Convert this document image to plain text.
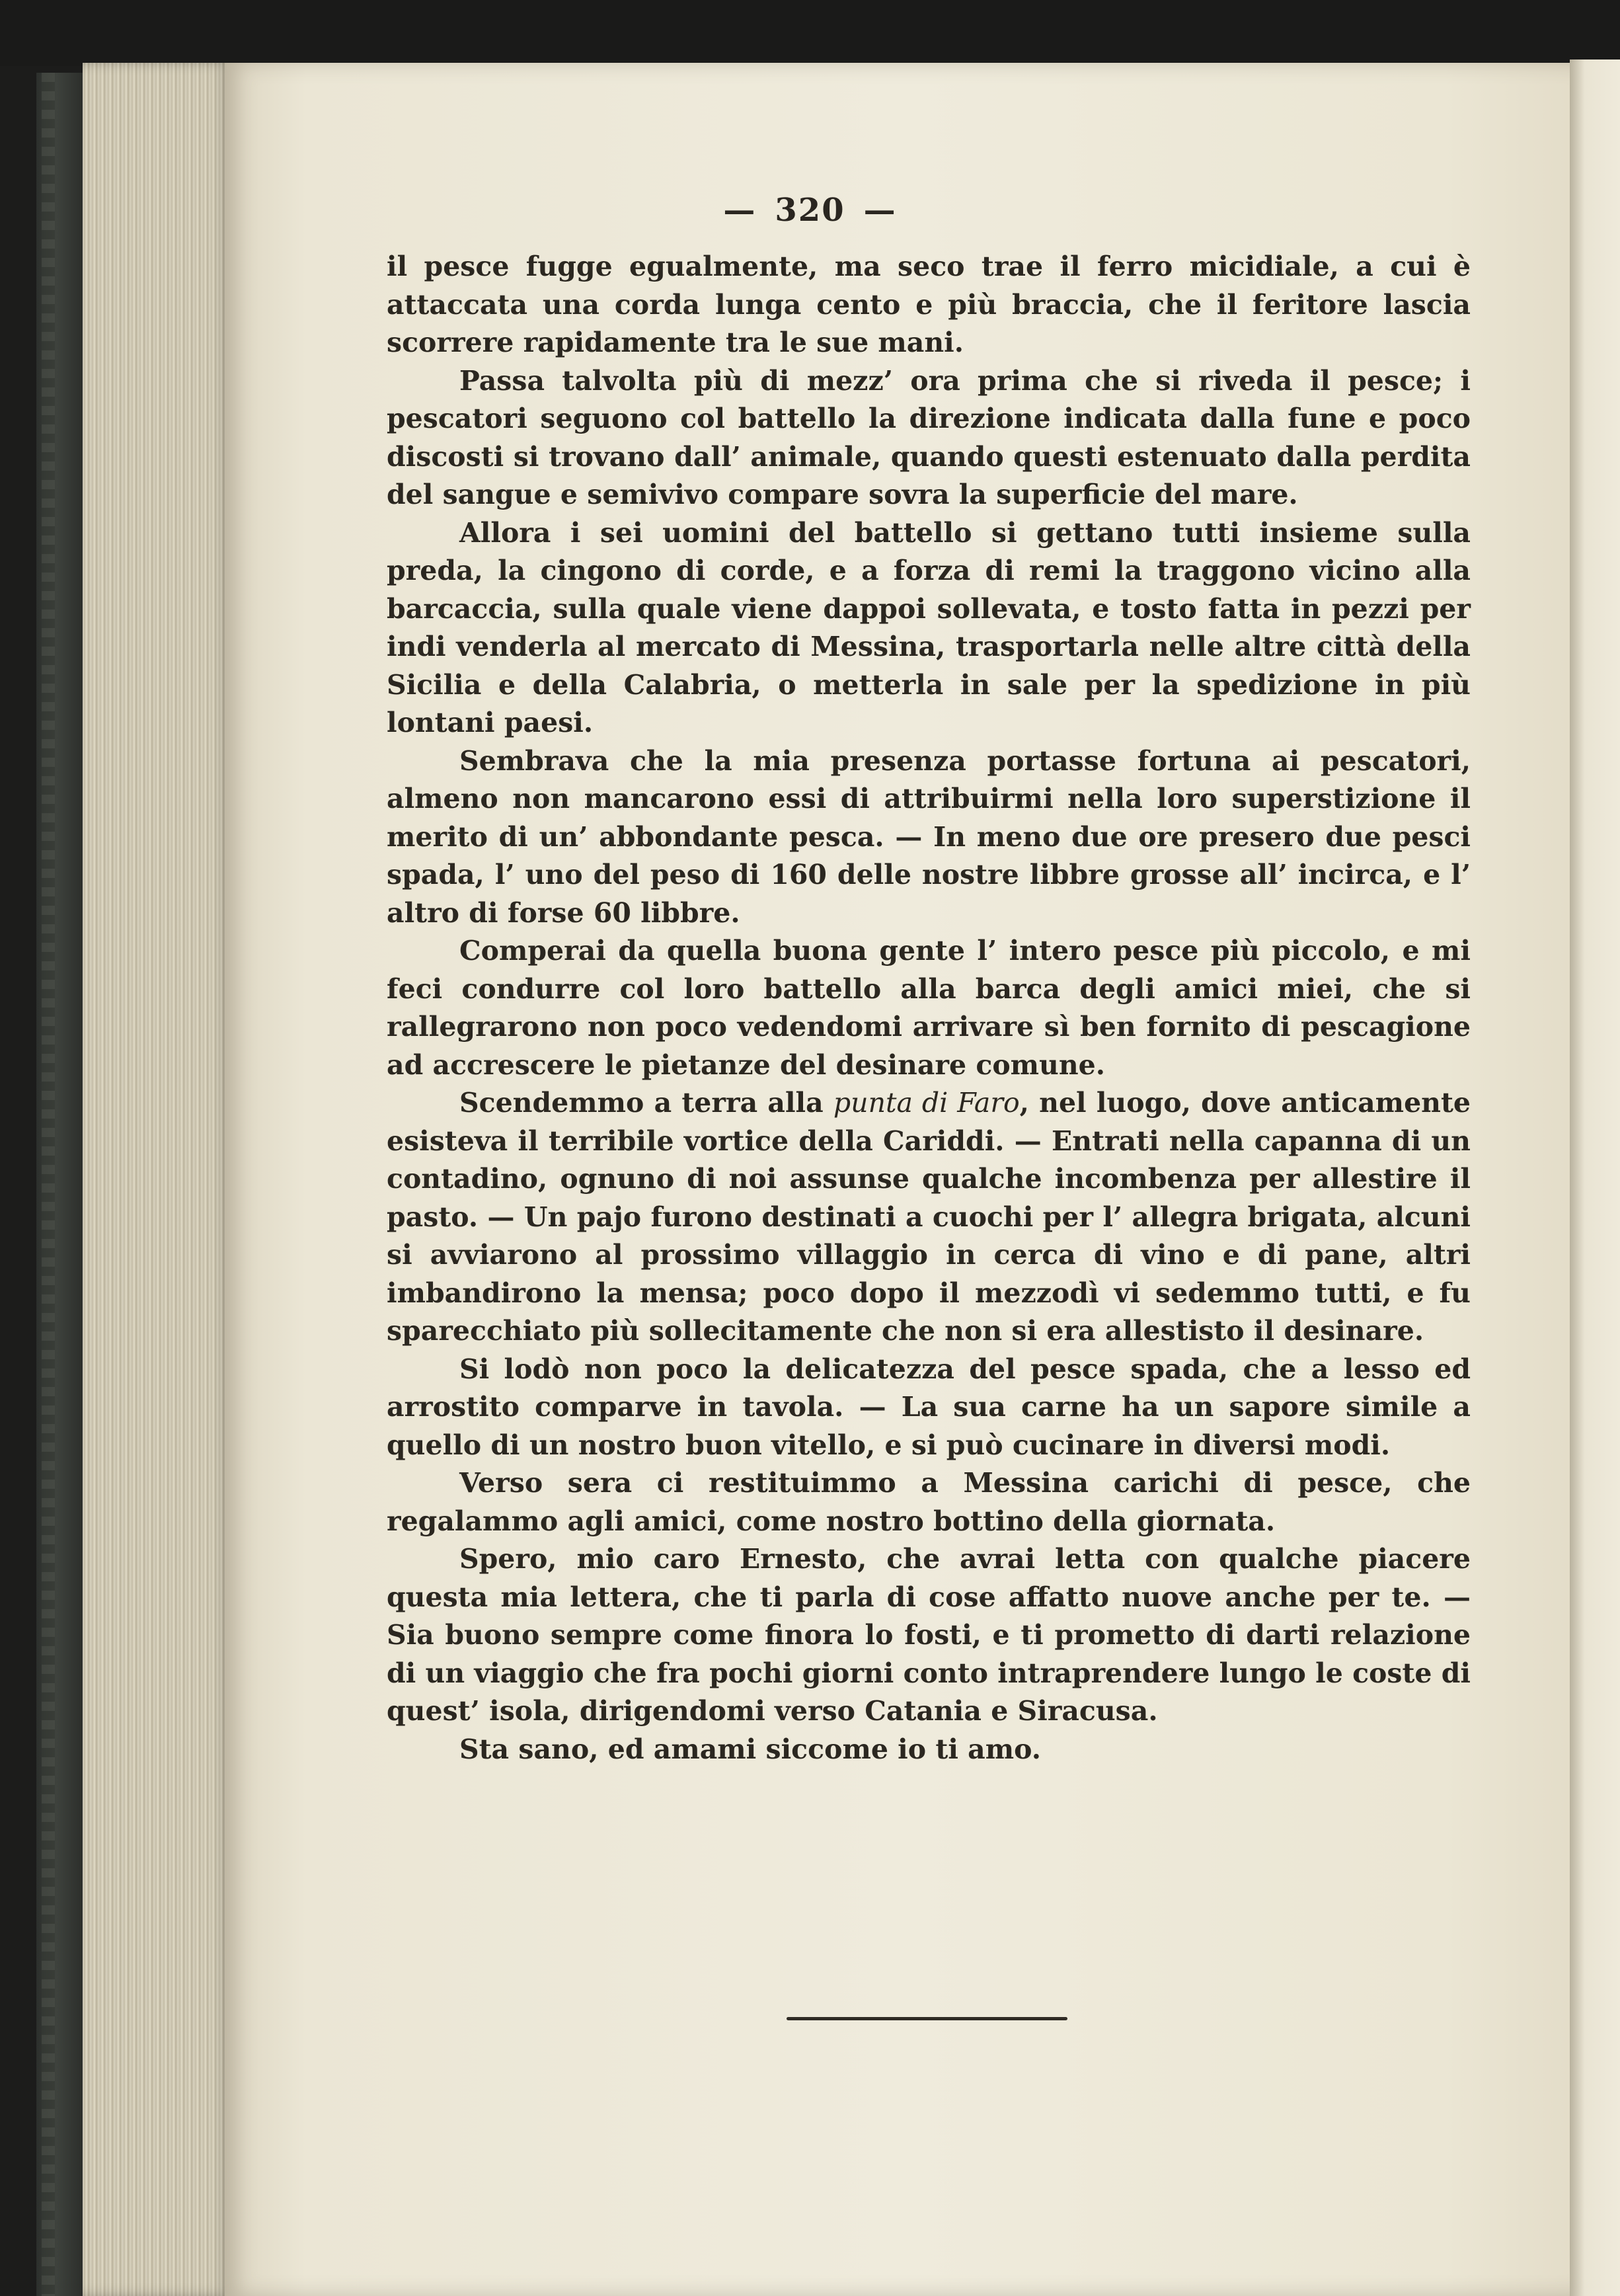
— 320 —

il pesce fugge egualmente, ma seco trae il ferro micidiale, a cui è attaccata una corda lunga cento e più braccia, che il feritore lascia scorrere rapidamente tra le sue mani.

Passa talvolta più di mezz’ ora prima che si riveda il pesce; i pescatori seguono col battello la direzione indicata dalla fune e poco discosti si trovano dall’ animale, quando questi estenuato dalla perdita del sangue e semivivo compare sovra la superficie del mare.

Allora i sei uomini del battello si gettano tutti insieme sulla preda, la cingono di corde, e a forza di remi la traggono vicino alla barcaccia, sulla quale viene dappoi sollevata, e tosto fatta in pezzi per indi venderla al mercato di Messina, trasportarla nelle altre città della Sicilia e della Calabria, o metterla in sale per la spedizione in più lontani paesi.

Sembrava che la mia presenza portasse fortuna ai pescatori, almeno non mancarono essi di attribuirmi nella loro superstizione il merito di un’ abbondante pesca. — In meno due ore presero due pesci spada, l’ uno del peso di 160 delle nostre libbre grosse all’ incirca, e l’ altro di forse 60 libbre.

Comperai da quella buona gente l’ intero pesce più piccolo, e mi feci condurre col loro battello alla barca degli amici miei, che si rallegrarono non poco vedendomi arrivare sì ben fornito di pescagione ad accrescere le pietanze del desinare comune.

Scendemmo a terra alla punta di Faro, nel luogo, dove anticamente esisteva il terribile vortice della Cariddi. — Entrati nella capanna di un contadino, ognuno di noi assunse qualche incombenza per allestire il pasto. — Un pajo furono destinati a cuochi per l’ allegra brigata, alcuni si avviarono al prossimo villaggio in cerca di vino e di pane, altri imbandirono la mensa; poco dopo il mezzodì vi sedemmo tutti, e fu sparecchiato più sollecitamente che non si era allestisto il desinare.

Si lodò non poco la delicatezza del pesce spada, che a lesso ed arrostito comparve in tavola. — La sua carne ha un sapore simile a quello di un nostro buon vitello, e si può cucinare in diversi modi.

Verso sera ci restituimmo a Messina carichi di pesce, che regalammo agli amici, come nostro bottino della giornata.

Spero, mio caro Ernesto, che avrai letta con qualche piacere questa mia lettera, che ti parla di cose affatto nuove anche per te. — Sia buono sempre come finora lo fosti, e ti prometto di darti relazione di un viaggio che fra pochi giorni conto intraprendere lungo le coste di quest’ isola, dirigendomi verso Catania e Siracusa.

Sta sano, ed amami siccome io ti amo.
